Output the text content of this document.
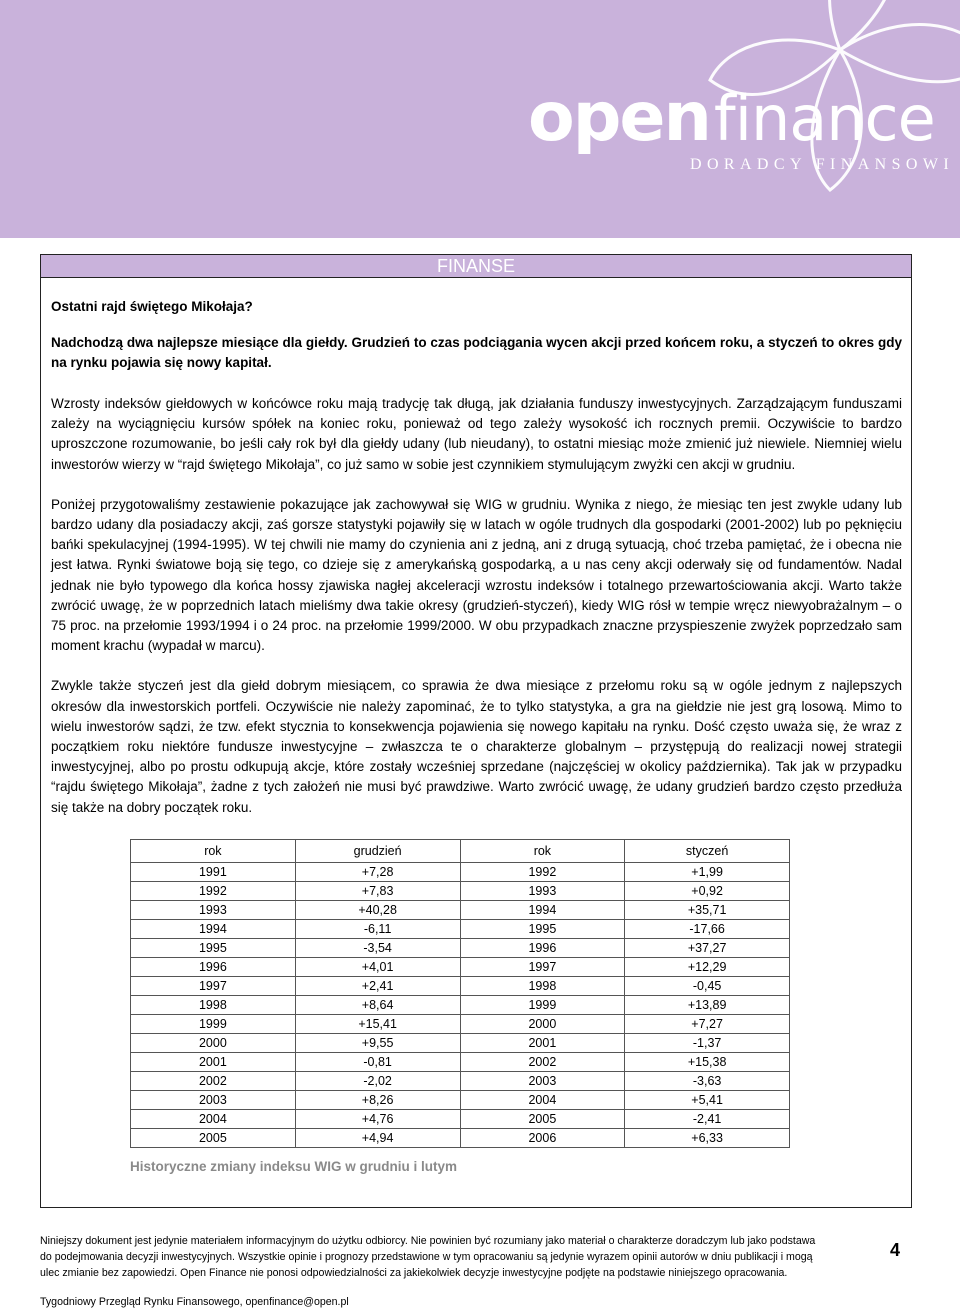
openfinance
DORADCY FINANSOWI
FINANSE

Ostatni rajd świętego Mikołaja?

Nadchodzą dwa najlepsze miesiące dla giełdy. Grudzień to czas podciągania wycen akcji przed końcem roku, a styczeń to okres gdy na rynku pojawia się nowy kapitał.

Wzrosty indeksów giełdowych w końcówce roku mają tradycję tak długą, jak działania funduszy inwestycyjnych. Zarządzającym funduszami zależy na wyciągnięciu kursów spółek na koniec roku, ponieważ od tego zależy wysokość ich rocznych premii. Oczywiście to bardzo uproszczone rozumowanie, bo jeśli cały rok był dla giełdy udany (lub nieudany), to ostatni miesiąc może zmienić już niewiele. Niemniej wielu inwestorów wierzy w “rajd świętego Mikołaja”, co już samo w sobie jest czynnikiem stymulującym zwyżki cen akcji w grudniu.

Poniżej przygotowaliśmy zestawienie pokazujące jak zachowywał się WIG w grudniu. Wynika z niego, że miesiąc ten jest zwykle udany lub bardzo udany dla posiadaczy akcji, zaś gorsze statystyki pojawiły się w latach w ogóle trudnych dla gospodarki (2001-2002) lub po pęknięciu bańki spekulacyjnej (1994-1995). W tej chwili nie mamy do czynienia ani z jedną, ani z drugą sytuacją, choć trzeba pamiętać, że i obecna nie jest łatwa. Rynki światowe boją się tego, co dzieje się z amerykańską gospodarką, a u nas ceny akcji oderwały się od fundamentów. Nadal jednak nie było typowego dla końca hossy zjawiska nagłej akceleracji wzrostu indeksów i totalnego przewartościowania akcji. Warto także zwrócić uwagę, że w poprzednich latach mieliśmy dwa takie okresy (grudzień-styczeń), kiedy WIG rósł w tempie wręcz niewyobrażalnym – o 75 proc. na przełomie 1993/1994 i o 24 proc. na przełomie 1999/2000. W obu przypadkach znaczne przyspieszenie zwyżek poprzedzało sam moment krachu (wypadał w marcu).

Zwykle także styczeń jest dla giełd dobrym miesiącem, co sprawia że dwa miesiące z przełomu roku są w ogóle jednym z najlepszych okresów dla inwestorskich portfeli. Oczywiście nie należy zapominać, że to tylko statystyka, a gra na giełdzie nie jest grą losową. Mimo to wielu inwestorów sądzi, że tzw. efekt stycznia to konsekwencja pojawienia się nowego kapitału na rynku. Dość często uważa się, że wraz z początkiem roku niektóre fundusze inwestycyjne – zwłaszcza te o charakterze globalnym – przystępują do realizacji nowej strategii inwestycyjnej, albo po prostu odkupują akcje, które zostały wcześniej sprzedane (najczęściej w okolicy października). Tak jak w przypadku “rajdu świętego Mikołaja”, żadne z tych założeń nie musi być prawdziwe. Warto zwrócić uwagę, że udany grudzień bardzo często przedłuża się także na dobry początek roku.

rok	grudzień	rok	styczeń
1991	+7,28	1992	+1,99
1992	+7,83	1993	+0,92
1993	+40,28	1994	+35,71
1994	-6,11	1995	-17,66
1995	-3,54	1996	+37,27
1996	+4,01	1997	+12,29
1997	+2,41	1998	-0,45
1998	+8,64	1999	+13,89
1999	+15,41	2000	+7,27
2000	+9,55	2001	-1,37
2001	-0,81	2002	+15,38
2002	-2,02	2003	-3,63
2003	+8,26	2004	+5,41
2004	+4,76	2005	-2,41
2005	+4,94	2006	+6,33
Historyczne zmiany indeksu WIG w grudniu i lutym
Niniejszy dokument jest jedynie materiałem informacyjnym do użytku odbiorcy. Nie powinien być rozumiany jako materiał o charakterze doradczym lub jako podstawa
do podejmowania decyzji inwestycyjnych. Wszystkie opinie i prognozy przedstawione w tym opracowaniu są jedynie wyrazem opinii autorów w dniu publikacji i mogą
ulec zmianie bez zapowiedzi. Open Finance nie ponosi odpowiedzialności za jakiekolwiek decyzje inwestycyjne podjęte na podstawie niniejszego opracowania.
4
Tygodniowy Przegląd Rynku Finansowego, openfinance@open.pl
